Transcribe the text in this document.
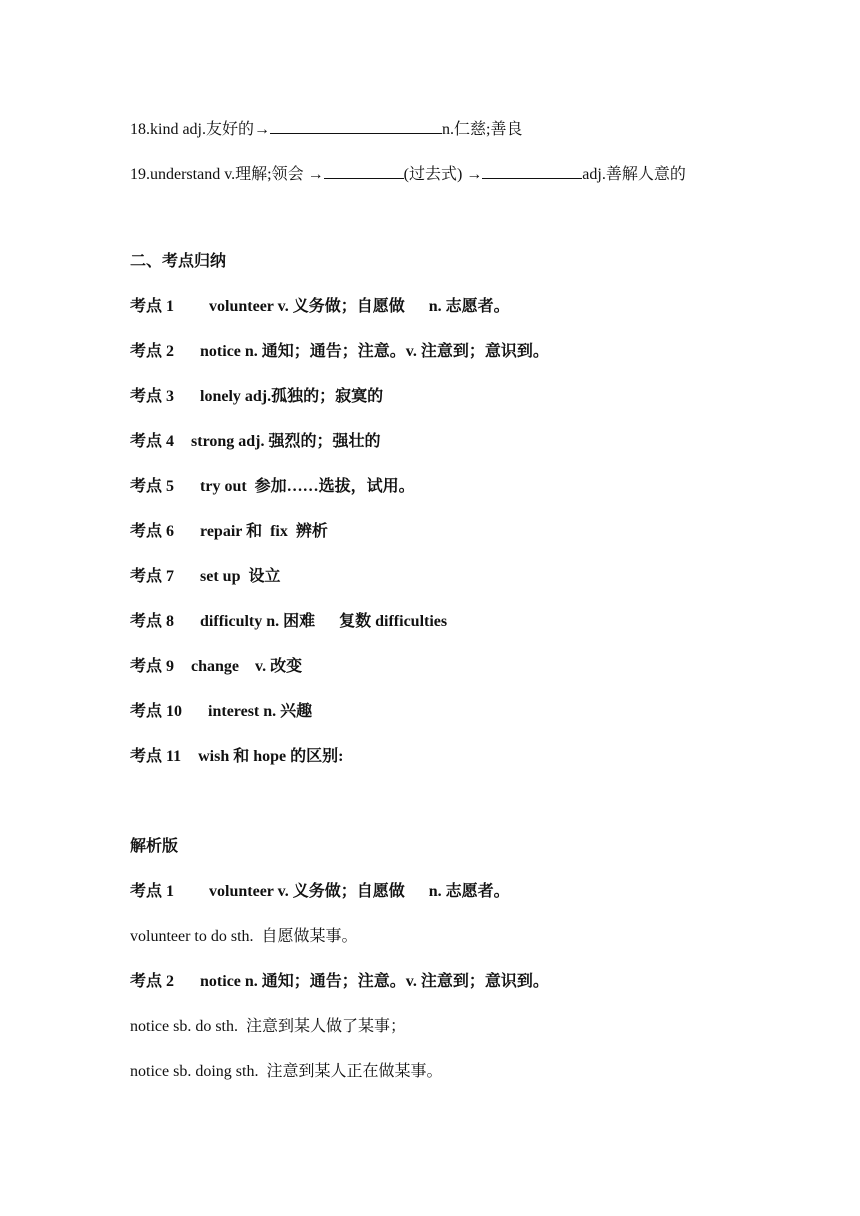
18.kind adj.友好的→	n.仁慈;善良
19.understand v.理解;领会 →	(过去式) →	adj.善解人意的
二、考点归纳
考点 1 volunteer v. 义务做；自愿做      n. 志愿者。
考点 2 notice n. 通知；通告；注意。v. 注意到；意识到。
考点 3 lonely adj.孤独的；寂寞的
考点 4 strong adj. 强烈的；强壮的
考点 5 try out  参加……选拔，试用。
考点 6 repair 和  fix  辨析
考点 7 set up  设立
考点 8 difficulty n. 困难      复数 difficulties
考点 9 change    v. 改变
考点 10 interest n. 兴趣
考点 11 wish 和 hope 的区别:
解析版
考点 1 volunteer v. 义务做；自愿做      n. 志愿者。
volunteer to do sth.  自愿做某事。
考点 2 notice n. 通知；通告；注意。v. 注意到；意识到。
notice sb. do sth.  注意到某人做了某事；
notice sb. doing sth.  注意到某人正在做某事。
